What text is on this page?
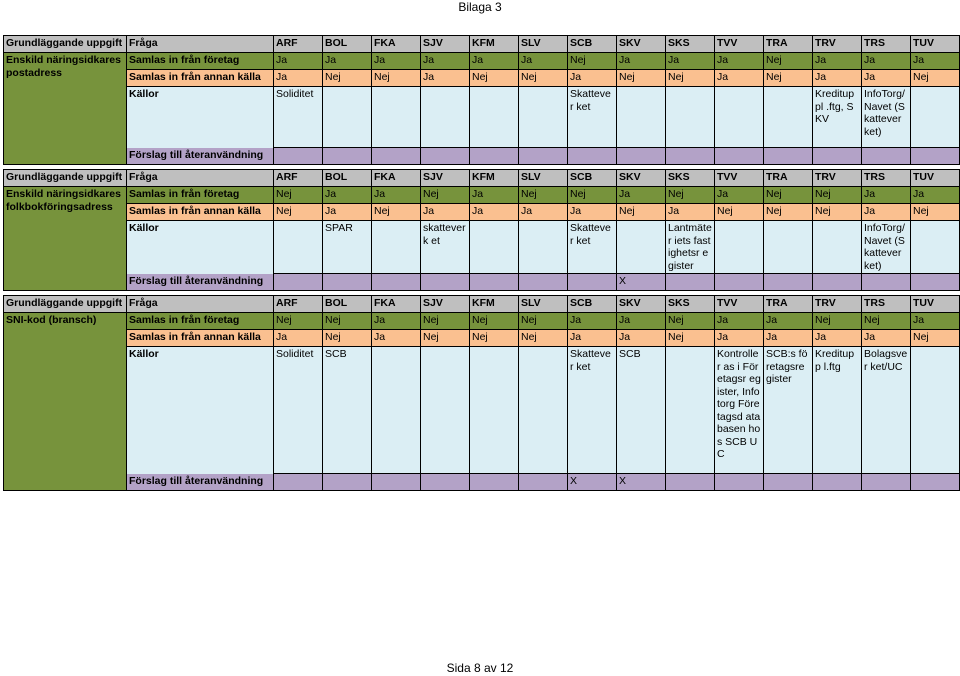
Bilaga 3
Grundläggande uppgift	Fråga	ARF	BOL	FKA	SJV	KFM	SLV	SCB	SKV	SKS	TVV	TRA	TRV	TRS	TUV
Enskild näringsidkares postadress	Samlas in från företag	Ja	Ja	Ja	Ja	Ja	Ja	Nej	Ja	Ja	Ja	Nej	Ja	Ja	Ja
	Samlas in från annan källa	Ja	Nej	Nej	Ja	Nej	Nej	Ja	Nej	Nej	Ja	Nej	Ja	Ja	Nej
	Källor	Soliditet						Skattever ket					Kredituppl .ftg, SKV	InfoTorg/ Navet (Skattever ket)	
	Förslag till återanvändning														

Grundläggande uppgift	Fråga	ARF	BOL	FKA	SJV	KFM	SLV	SCB	SKV	SKS	TVV	TRA	TRV	TRS	TUV
Enskild näringsidkares folkbokföringsadress	Samlas in från företag	Nej	Ja	Ja	Nej	Ja	Nej	Nej	Ja	Nej	Ja	Nej	Nej	Ja	Ja
	Samlas in från annan källa	Nej	Ja	Nej	Ja	Ja	Ja	Ja	Nej	Ja	Nej	Nej	Nej	Ja	Nej
	Källor		SPAR		skatteverk et			Skattever ket		Lantmäter iets fastighetsr egister				InfoTorg/ Navet (Skattever ket)	
	Förslag till återanvändning								X						

Grundläggande uppgift	Fråga	ARF	BOL	FKA	SJV	KFM	SLV	SCB	SKV	SKS	TVV	TRA	TRV	TRS	TUV
SNI-kod (bransch)	Samlas in från företag	Nej	Nej	Ja	Nej	Nej	Nej	Ja	Ja	Nej	Ja	Ja	Nej	Nej	Ja
	Samlas in från annan källa	Ja	Nej	Ja	Nej	Nej	Nej	Ja	Ja	Nej	Ja	Ja	Ja	Ja	Nej
	Källor	Soliditet	SCB					Skattever ket	SCB		Kontroller as i Företagsr egister, Infotorg Företagsd atabasen hos SCB UC	SCB:s företagsre gister	Kreditupp l.ftg	Bolagsver ket/UC	
	Förslag till återanvändning							X	X						
Sida 8 av 12
